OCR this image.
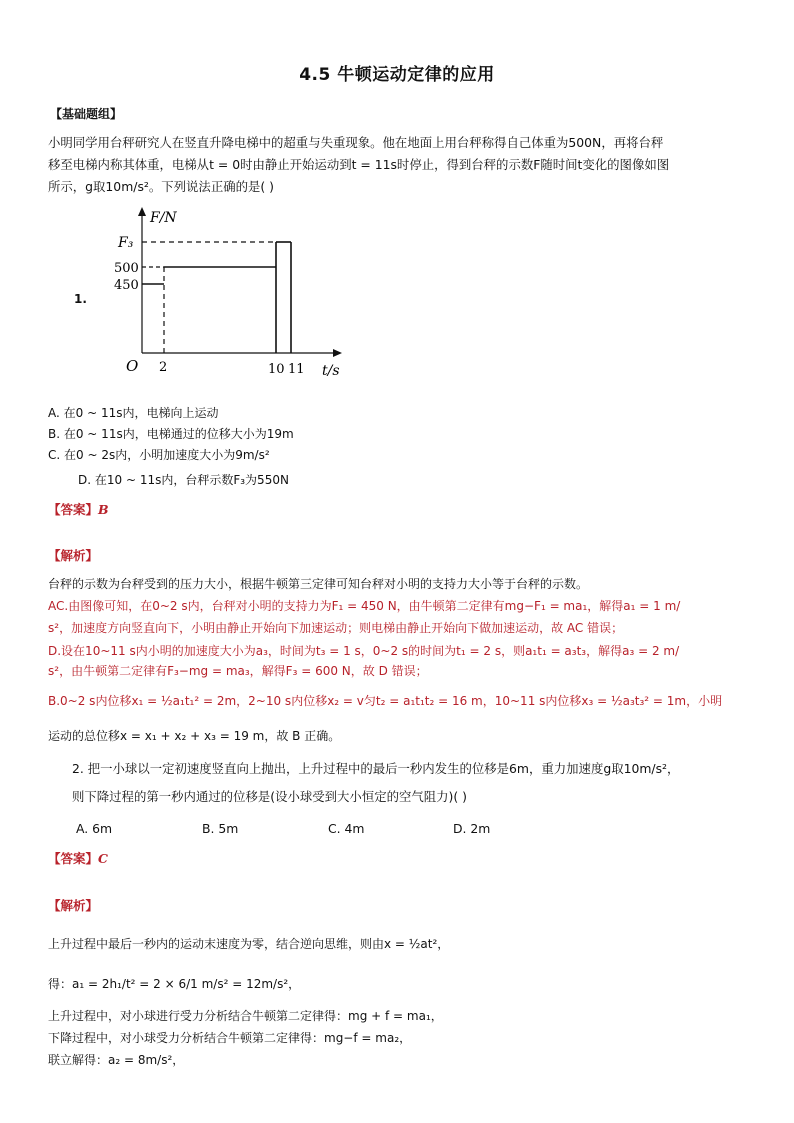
4.5 牛顿运动定律的应用
【基础题组】
小明同学用台秤研究人在竖直升降电梯中的超重与失重现象。他在地面上用台秤称得自己体重为500N，再将台秤
移至电梯内称其体重，电梯从t = 0时由静止开始运动到t = 11s时停止，得到台秤的示数F随时间t变化的图像如图
所示，g取10m/s²。下列说法正确的是( )
1.
F/N
F₃
500
450
O 2	10 11 t/s
A. 在0 ~ 11s内，电梯向上运动
B. 在0 ~ 11s内，电梯通过的位移大小为19m
C. 在0 ~ 2s内，小明加速度大小为9m/s²
D. 在10 ~ 11s内，台秤示数F₃为550N
【答案】B
【解析】
台秤的示数为台秤受到的压力大小，根据牛顿第三定律可知台秤对小明的支持力大小等于台秤的示数。
AC.由图像可知，在0~2 s内，台秤对小明的支持力为F₁ = 450 N，由牛顿第二定律有mg−F₁ = ma₁，解得a₁ = 1 m/
s²，加速度方向竖直向下，小明由静止开始向下加速运动；则电梯由静止开始向下做加速运动，故 AC 错误；
D.设在10~11 s内小明的加速度大小为a₃，时间为t₃ = 1 s，0~2 s的时间为t₁ = 2 s，则a₁t₁ = a₃t₃，解得a₃ = 2 m/
s²，由牛顿第二定律有F₃−mg = ma₃，解得F₃ = 600 N，故 D 错误；
B.0~2 s内位移x₁ = ½a₁t₁² = 2m，2~10 s内位移x₂ = v匀t₂ = a₁t₁t₂ = 16 m，10~11 s内位移x₃ = ½a₃t₃² = 1m，小明
运动的总位移x = x₁ + x₂ + x₃ = 19 m，故 B 正确。
2. 把一小球以一定初速度竖直向上抛出，上升过程中的最后一秒内发生的位移是6m，重力加速度g取10m/s²，
则下降过程的第一秒内通过的位移是(设小球受到大小恒定的空气阻力)( )
A. 6m	B. 5m	C. 4m	D. 2m
【答案】C
【解析】
上升过程中最后一秒内的运动末速度为零，结合逆向思维，则由x = ½at²，
得：a₁ = 2h₁/t² = 2 × 6/1 m/s² = 12m/s²，
上升过程中，对小球进行受力分析结合牛顿第二定律得：mg + f = ma₁，
下降过程中，对小球受力分析结合牛顿第二定律得：mg−f = ma₂，
联立解得：a₂ = 8m/s²，
